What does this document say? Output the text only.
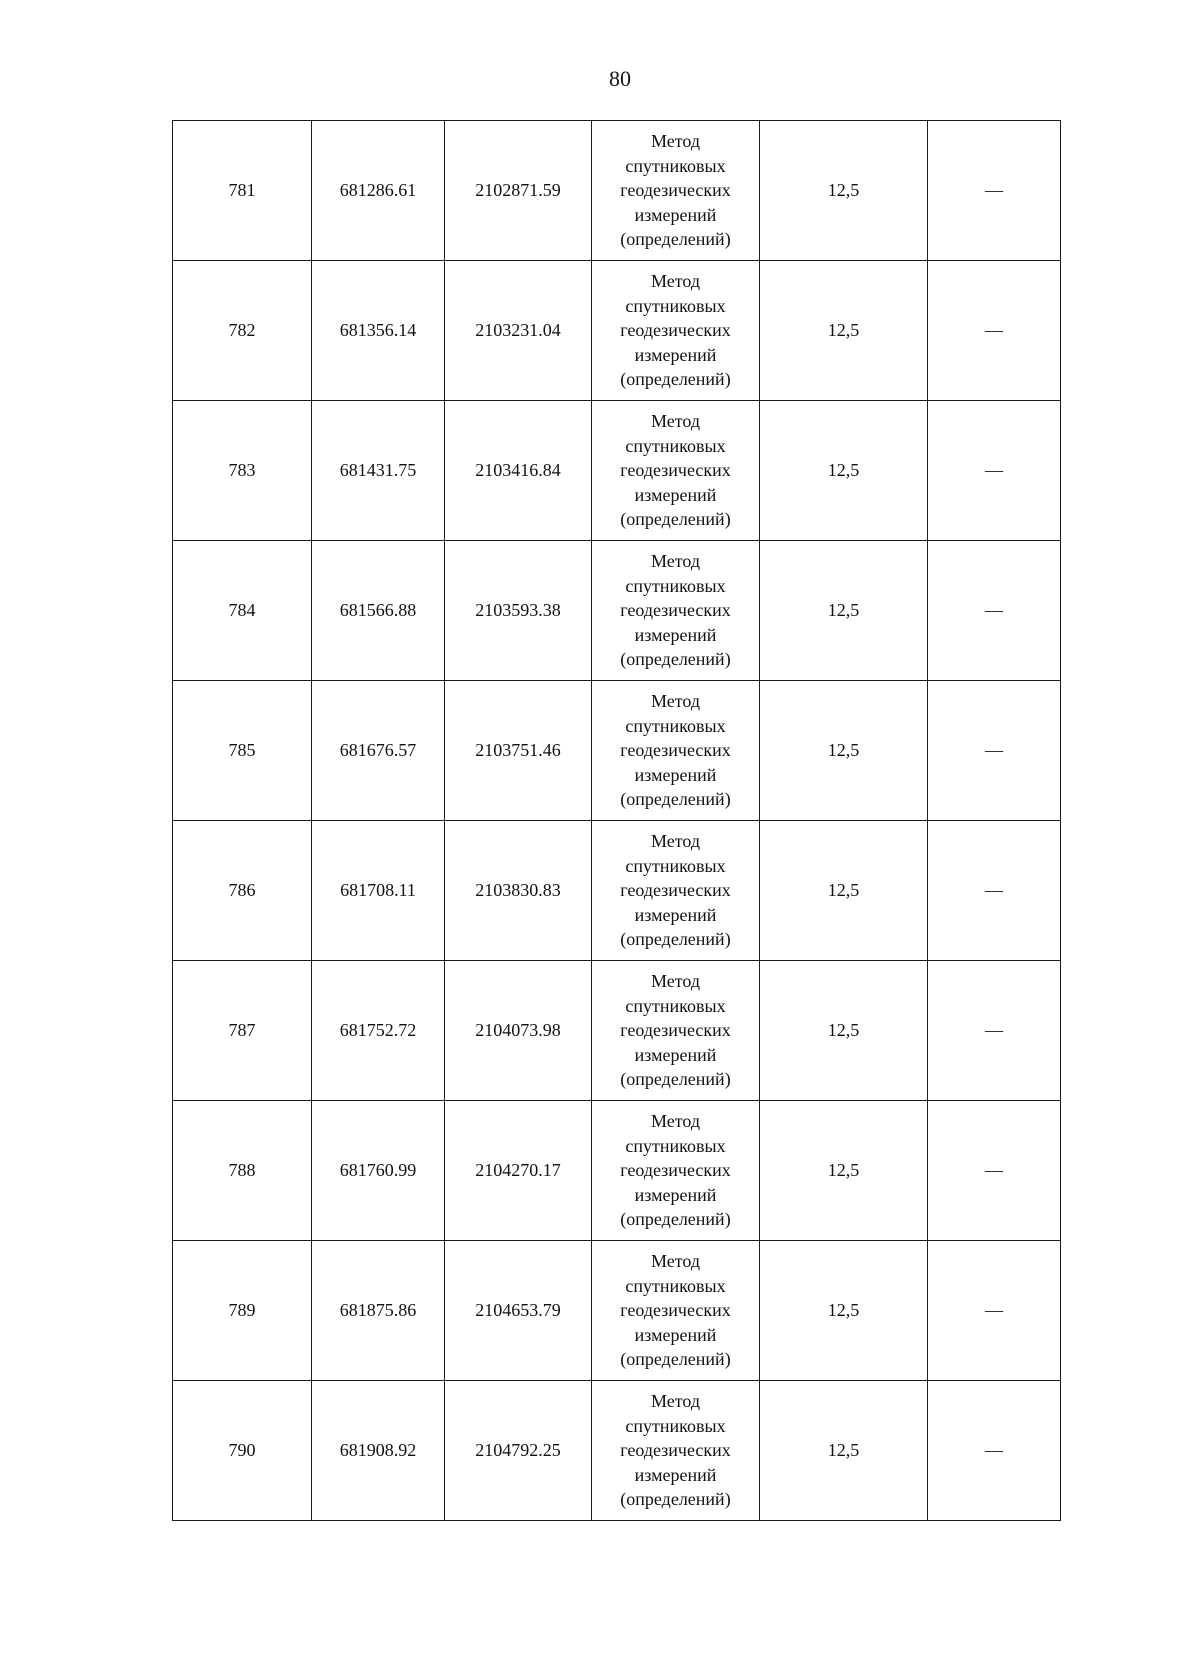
80
781	681286.61	2102871.59	Метод
спутниковых
геодезических
измерений
(определений)	12,5	—
782	681356.14	2103231.04	Метод
спутниковых
геодезических
измерений
(определений)	12,5	—
783	681431.75	2103416.84	Метод
спутниковых
геодезических
измерений
(определений)	12,5	—
784	681566.88	2103593.38	Метод
спутниковых
геодезических
измерений
(определений)	12,5	—
785	681676.57	2103751.46	Метод
спутниковых
геодезических
измерений
(определений)	12,5	—
786	681708.11	2103830.83	Метод
спутниковых
геодезических
измерений
(определений)	12,5	—
787	681752.72	2104073.98	Метод
спутниковых
геодезических
измерений
(определений)	12,5	—
788	681760.99	2104270.17	Метод
спутниковых
геодезических
измерений
(определений)	12,5	—
789	681875.86	2104653.79	Метод
спутниковых
геодезических
измерений
(определений)	12,5	—
790	681908.92	2104792.25	Метод
спутниковых
геодезических
измерений
(определений)	12,5	—
